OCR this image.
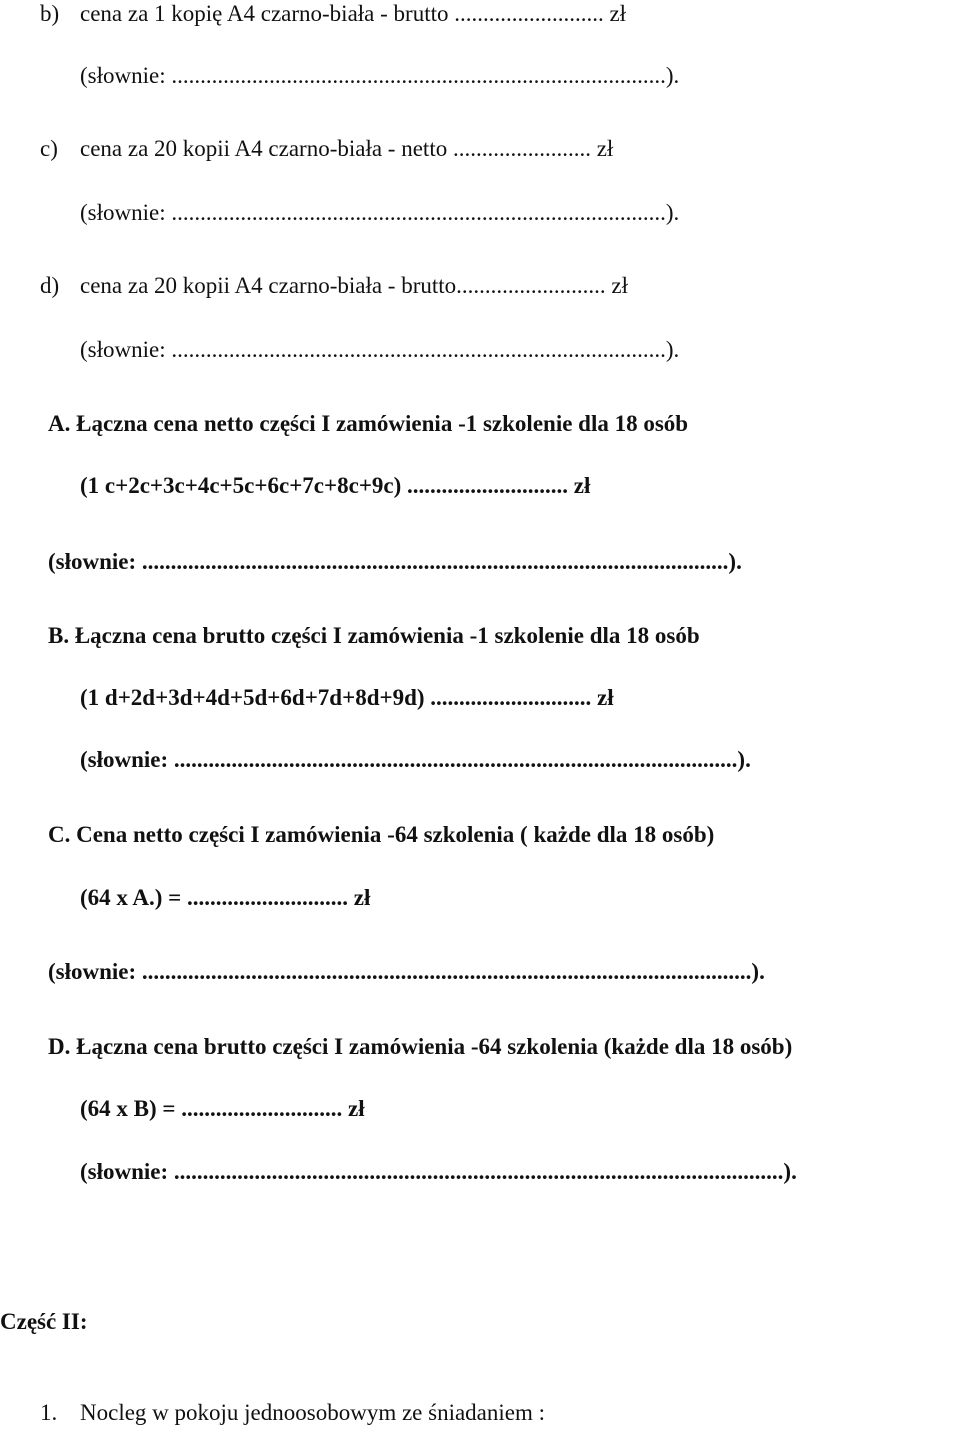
b) cena za 1 kopię A4 czarno-biała - brutto .......................... zł
(słownie: ......................................................................................).
c) cena za 20 kopii A4 czarno-biała - netto ........................ zł
(słownie: ......................................................................................).
d) cena za 20 kopii A4 czarno-biała - brutto.......................... zł
(słownie: ......................................................................................).
A. Łączna cena netto części I zamówienia -1 szkolenie dla 18 osób
(1 c+2c+3c+4c+5c+6c+7c+8c+9c) ............................ zł
(słownie: ......................................................................................................).
B. Łączna cena brutto części I zamówienia -1 szkolenie dla 18 osób
(1 d+2d+3d+4d+5d+6d+7d+8d+9d) ............................ zł
(słownie: ..................................................................................................).
C. Cena netto części I zamówienia -64 szkolenia ( każde dla 18 osób)
(64 x A.) = ............................ zł
(słownie: ..........................................................................................................).
D. Łączna cena brutto części I zamówienia -64 szkolenia (każde dla 18 osób)
(64 x B) = ............................ zł
(słownie: ..........................................................................................................).
Część II:
1. Nocleg w pokoju jednoosobowym ze śniadaniem :
